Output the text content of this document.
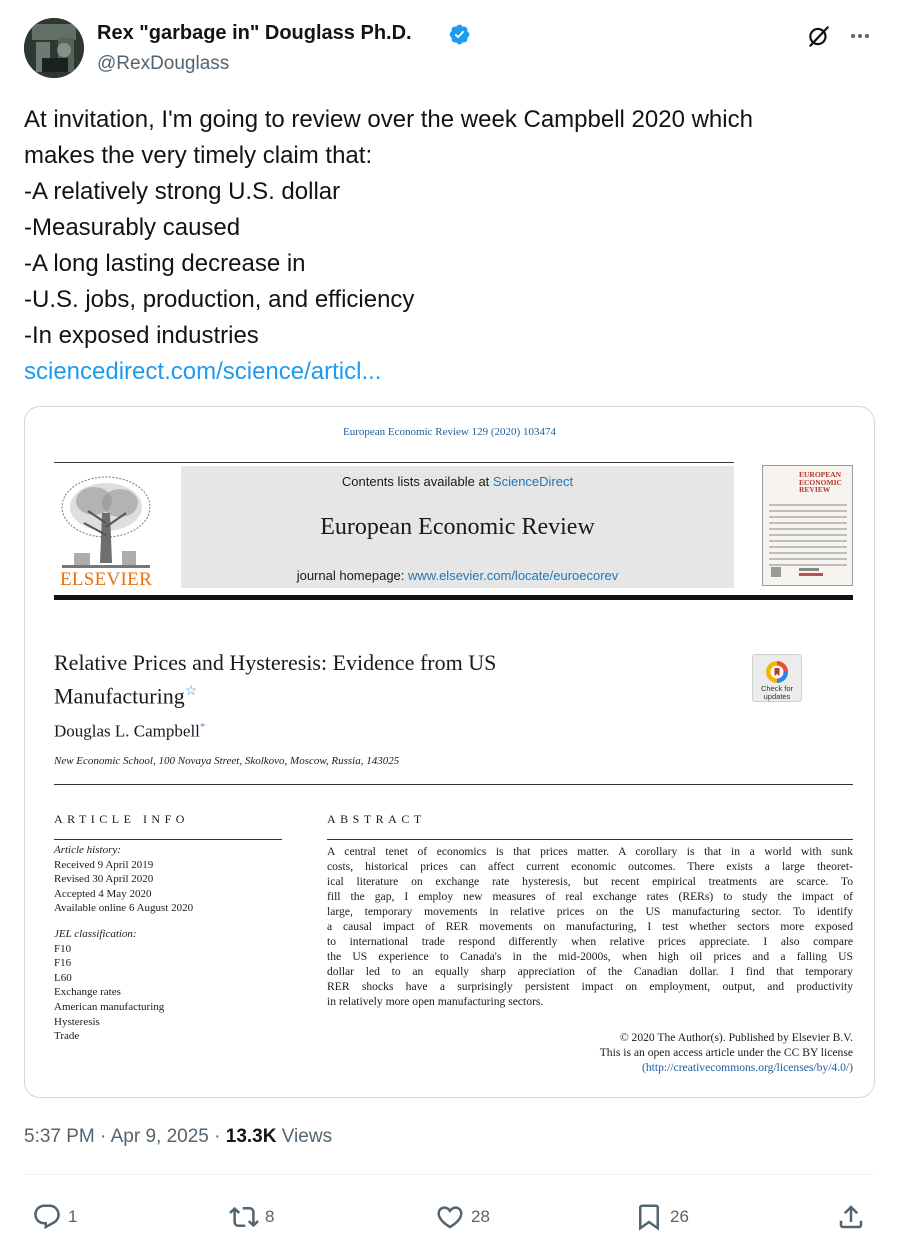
Rex "garbage in" Douglass Ph.D.
@RexDouglass
At invitation, I'm going to review over the week Campbell 2020 which
makes the very timely claim that:
-A relatively strong U.S. dollar
-Measurably caused
-A long lasting decrease in
-U.S. jobs, production, and efficiency
-In exposed industries
sciencedirect.com/science/articl...
European Economic Review 129 (2020) 103474
ELSEVIER
Contents lists available at ScienceDirect
European Economic Review
journal homepage: www.elsevier.com/locate/euroecorev
EUROPEAN
ECONOMIC
REVIEW
Relative Prices and Hysteresis: Evidence from US
Manufacturing☆	Check for
updates
Douglas L. Campbell*
New Economic School, 100 Novaya Street, Skolkovo, Moscow, Russia, 143025
ARTICLE INFO	ABSTRACT
Article history:
Received 9 April 2019
Revised 30 April 2020
Accepted 4 May 2020
Available online 6 August 2020
JEL classification:
F10
F16
L60
Exchange rates
American manufacturing
Hysteresis
Trade
A central tenet of economics is that prices matter. A corollary is that in a world with sunk
costs, historical prices can affect current economic outcomes. There exists a large theoret-
ical literature on exchange rate hysteresis, but recent empirical treatments are scarce. To
fill the gap, I employ new measures of real exchange rates (RERs) to study the impact of
large, temporary movements in relative prices on the US manufacturing sector. To identify
a causal impact of RER movements on manufacturing, I test whether sectors more exposed
to international trade respond differently when relative prices appreciate. I also compare
the US experience to Canada's in the mid-2000s, when high oil prices and a falling US
dollar led to an equally sharp appreciation of the Canadian dollar. I find that temporary
RER shocks have a surprisingly persistent impact on employment, output, and productivity
in relatively more open manufacturing sectors.
© 2020 The Author(s). Published by Elsevier B.V.
This is an open access article under the CC BY license
(http://creativecommons.org/licenses/by/4.0/)
5:37 PM · Apr 9, 2025 · 13.3K Views
1	8	28	26
